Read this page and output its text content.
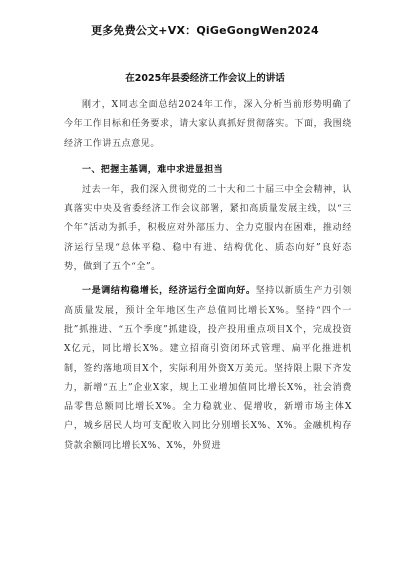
更多免费公文+VX：QiGeGongWen2024
在2025年县委经济工作会议上的讲话

刚才，X同志全面总结2024年工作，深入分析当前形势明确了今年工作目标和任务要求，请大家认真抓好贯彻落实。下面，我围绕经济工作讲五点意见。

一、把握主基调，难中求进显担当

过去一年，我们深入贯彻党的二十大和二十届三中全会精神，认真落实中央及省委经济工作会议部署，紧扣高质量发展主线，以“三个年”活动为抓手，积极应对外部压力、全力克服内在困难，推动经济运行呈现“总体平稳、稳中有进、结构优化、质态向好”良好态势，做到了五个“全”。

一是调结构稳增长，经济运行全面向好。坚持以新质生产力引领高质量发展，预计全年地区生产总值同比增长X%。坚持“四个一批”抓推进、“五个季度”抓建设，投产投用重点项目X个，完成投资X亿元，同比增长X%。建立招商引资闭环式管理、扁平化推进机制，签约落地项目X个，实际利用外资X万美元。坚持限上限下齐发力，新增“五上”企业X家，规上工业增加值同比增长X%，社会消费品零售总额同比增长X%。全力稳就业、促增收，新增市场主体X户，城乡居民人均可支配收入同比分别增长X%、X%。金融机构存贷款余额同比增长X%、X%，外贸进
